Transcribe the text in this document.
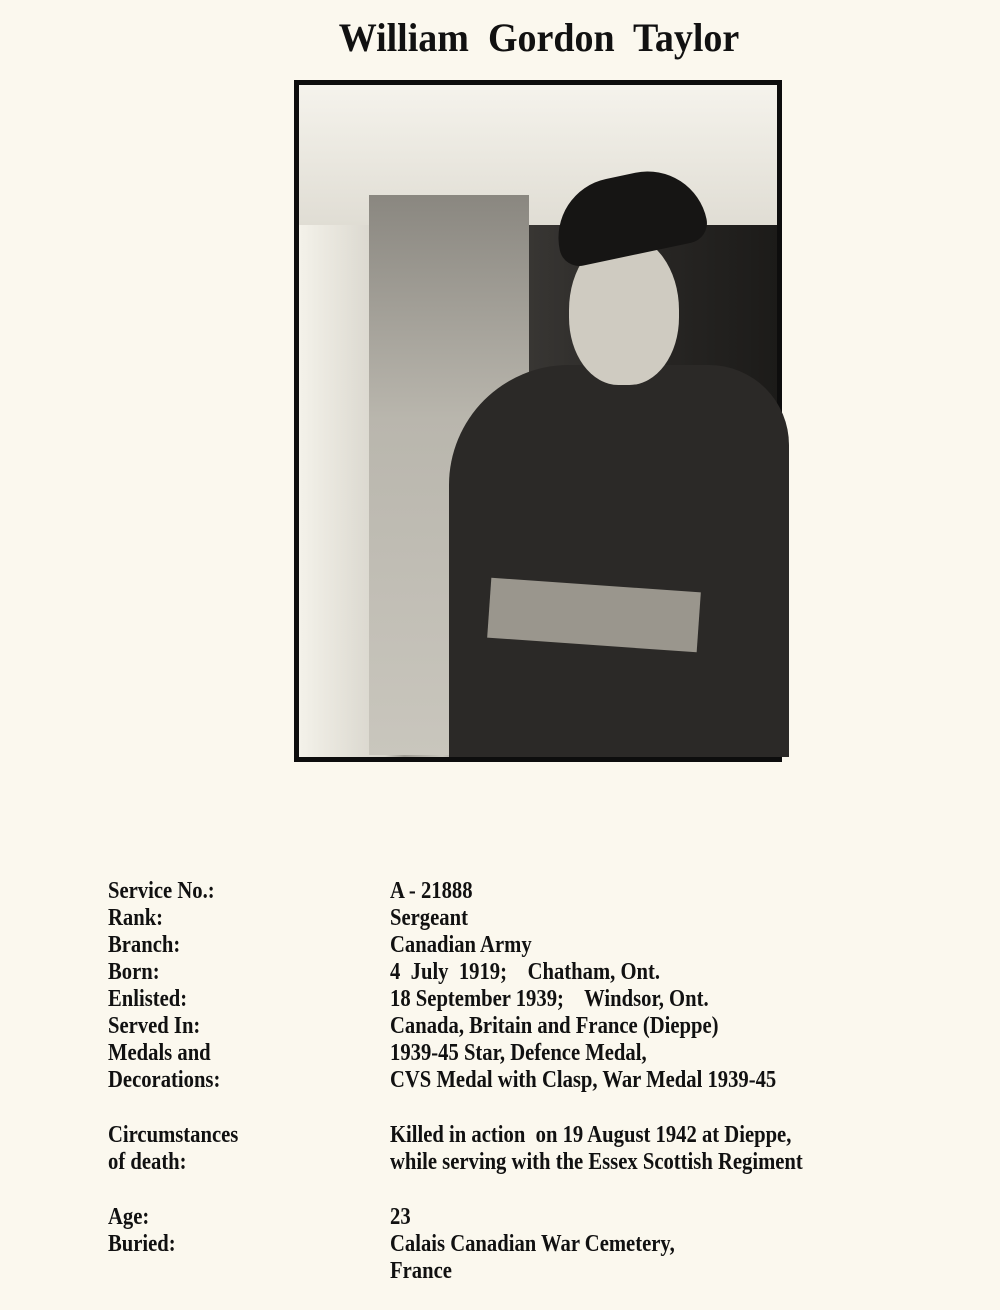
William Gordon Taylor
Service No.:	A - 21888
Rank:	Sergeant
Branch:	Canadian Army
Born:	4  July  1919;    Chatham, Ont.
Enlisted:	18 September 1939;    Windsor, Ont.
Served In:	Canada, Britain and France (Dieppe)
Medals and	1939-45 Star, Defence Medal,
Decorations:	CVS Medal with Clasp, War Medal 1939-45
Circumstances	Killed in action  on 19 August 1942 at Dieppe,
of death:	while serving with the Essex Scottish Regiment
Age:	23
Buried:	Calais Canadian War Cemetery,
France
